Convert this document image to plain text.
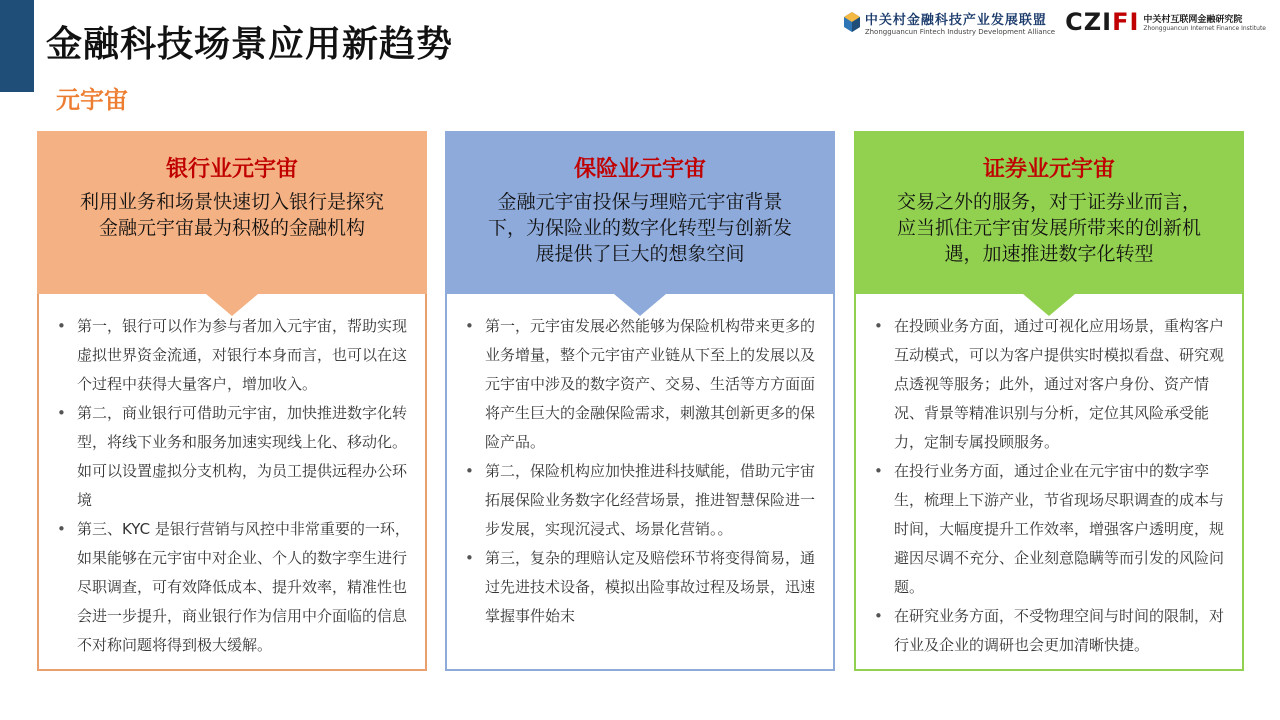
金融科技场景应用新趋势
元宇宙
中关村金融科技产业发展联盟
Zhongguancun Fintech Industry Development Alliance CZIFI 中关村互联网金融研究院
Zhongguancun Internet Finance Institute
银行业元宇宙
利用业务和场景快速切入银行是探究金融元宇宙最为积极的金融机构
• 第一，银行可以作为参与者加入元宇宙，帮助实现虚拟世界资金流通，对银行本身而言，也可以在这个过程中获得大量客户，增加收入。
• 第二，商业银行可借助元宇宙，加快推进数字化转型，将线下业务和服务加速实现线上化、移动化。如可以设置虚拟分支机构，为员工提供远程办公环境
• 第三、KYC 是银行营销与风控中非常重要的一环，如果能够在元宇宙中对企业、个人的数字孪生进行尽职调查，可有效降低成本、提升效率，精准性也会进一步提升，商业银行作为信用中介面临的信息不对称问题将得到极大缓解。
保险业元宇宙
金融元宇宙投保与理赔元宇宙背景下，为保险业的数字化转型与创新发展提供了巨大的想象空间
• 第一，元宇宙发展必然能够为保险机构带来更多的业务增量，整个元宇宙产业链从下至上的发展以及元宇宙中涉及的数字资产、交易、生活等方方面面将产生巨大的金融保险需求，刺激其创新更多的保险产品。
• 第二，保险机构应加快推进科技赋能，借助元宇宙拓展保险业务数字化经营场景，推进智慧保险进一步发展，实现沉浸式、场景化营销。。
• 第三，复杂的理赔认定及赔偿环节将变得简易，通过先进技术设备，模拟出险事故过程及场景，迅速掌握事件始末
证券业元宇宙
交易之外的服务，对于证券业而言，应当抓住元宇宙发展所带来的创新机遇，加速推进数字化转型
• 在投顾业务方面，通过可视化应用场景，重构客户互动模式，可以为客户提供实时模拟看盘、研究观点透视等服务；此外，通过对客户身份、资产情况、背景等精准识别与分析，定位其风险承受能力，定制专属投顾服务。
• 在投行业务方面，通过企业在元宇宙中的数字孪生，梳理上下游产业，节省现场尽职调查的成本与时间，大幅度提升工作效率，增强客户透明度，规避因尽调不充分、企业刻意隐瞒等而引发的风险问题。
• 在研究业务方面，不受物理空间与时间的限制，对行业及企业的调研也会更加清晰快捷。
